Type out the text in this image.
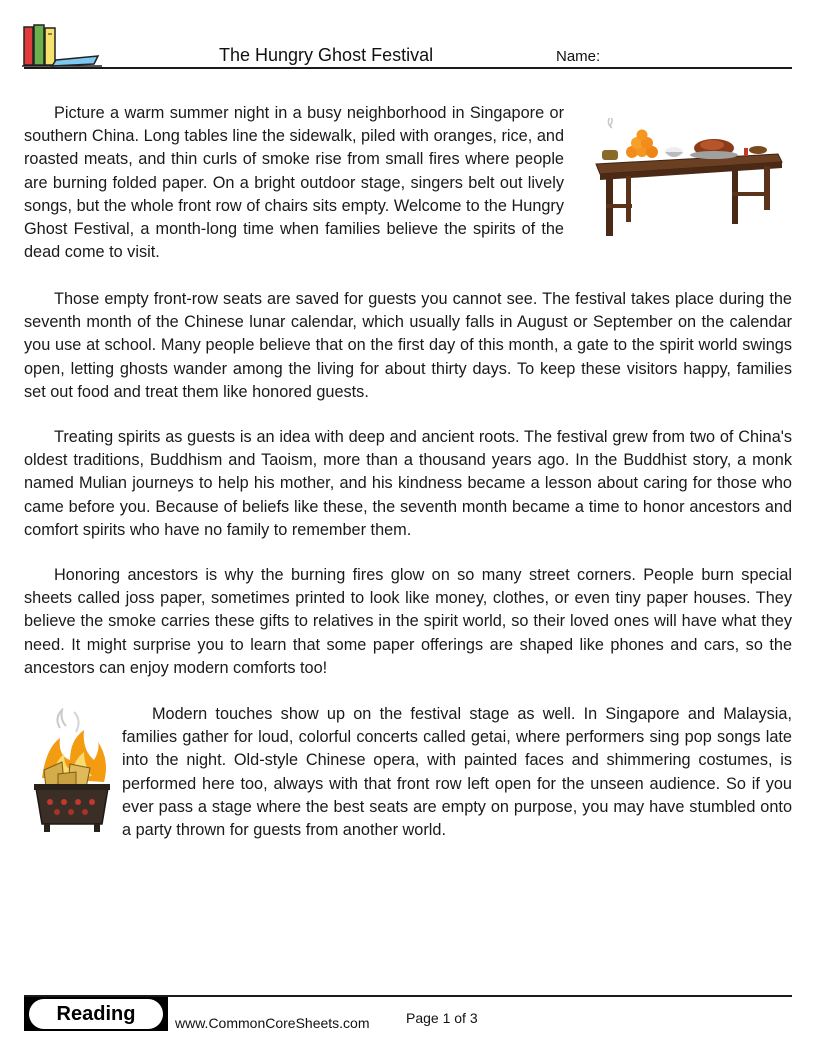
The Hungry Ghost Festival	Name:

Picture a warm summer night in a busy neighborhood in Singapore or southern China. Long tables line the sidewalk, piled with oranges, rice, and roasted meats, and thin curls of smoke rise from small fires where people are burning folded paper. On a bright outdoor stage, singers belt out lively songs, but the whole front row of chairs sits empty. Welcome to the Hungry Ghost Festival, a month-long time when families believe the spirits of the dead come to visit.

Those empty front-row seats are saved for guests you cannot see. The festival takes place during the seventh month of the Chinese lunar calendar, which usually falls in August or September on the calendar you use at school. Many people believe that on the first day of this month, a gate to the spirit world swings open, letting ghosts wander among the living for about thirty days. To keep these visitors happy, families set out food and treat them like honored guests.

Treating spirits as guests is an idea with deep and ancient roots. The festival grew from two of China's oldest traditions, Buddhism and Taoism, more than a thousand years ago. In the Buddhist story, a monk named Mulian journeys to help his mother, and his kindness became a lesson about caring for those who came before you. Because of beliefs like these, the seventh month became a time to honor ancestors and comfort spirits who have no family to remember them.

Honoring ancestors is why the burning fires glow on so many street corners. People burn special sheets called joss paper, sometimes printed to look like money, clothes, or even tiny paper houses. They believe the smoke carries these gifts to relatives in the spirit world, so their loved ones will have what they need. It might surprise you to learn that some paper offerings are shaped like phones and cars, so the ancestors can enjoy modern comforts too!

Modern touches show up on the festival stage as well. In Singapore and Malaysia, families gather for loud, colorful concerts called getai, where performers sing pop songs late into the night. Old-style Chinese opera, with painted faces and shimmering costumes, is performed here too, always with that front row left open for the unseen audience. So if you ever pass a stage where the best seats are empty on purpose, you may have stumbled onto a party thrown for guests from another world.

Reading	www.CommonCoreSheets.com	Page 1 of 3
